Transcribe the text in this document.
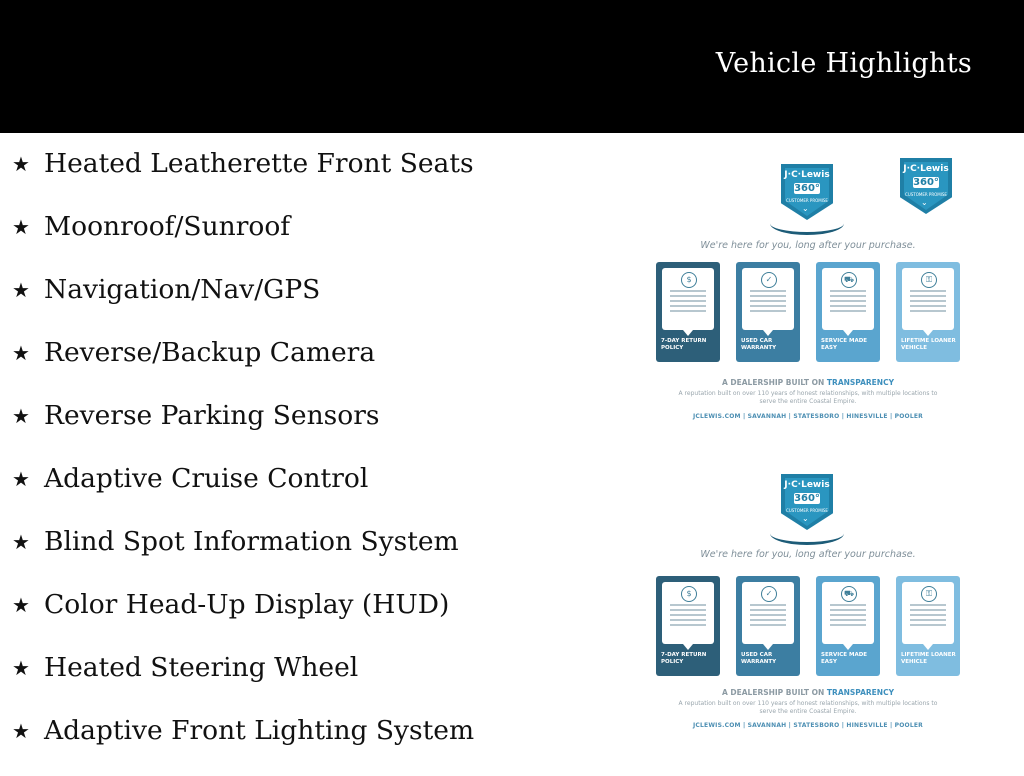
Vehicle Highlights
★ Heated Leatherette Front Seats
★ Moonroof/Sunroof
★ Navigation/Nav/GPS
★ Reverse/Backup Camera
★ Reverse Parking Sensors
★ Adaptive Cruise Control
★ Blind Spot Information System
★ Color Head-Up Display (HUD)
★ Heated Steering Wheel
★ Adaptive Front Lighting System
J·C·Lewis
360°
CUSTOMER PROMISE
⌄
J·C·Lewis
360°
CUSTOMER PROMISE
⌄
We're here for you, long after your purchase.
$
7-DAY RETURN POLICY
✓
USED CAR WARRANTY
⛟
SERVICE MADE EASY
⚿
LIFETIME LOANER VEHICLE
A DEALERSHIP BUILT ON TRANSPARENCY
A reputation built on over 110 years of honest relationships, with multiple locations to serve the entire Coastal Empire.
JCLEWIS.COM | SAVANNAH | STATESBORO | HINESVILLE | POOLER
J·C·Lewis
360°
CUSTOMER PROMISE
⌄
We're here for you, long after your purchase.
$
7-DAY RETURN POLICY
✓
USED CAR WARRANTY
⛟
SERVICE MADE EASY
⚿
LIFETIME LOANER VEHICLE
A DEALERSHIP BUILT ON TRANSPARENCY
A reputation built on over 110 years of honest relationships, with multiple locations to serve the entire Coastal Empire.
JCLEWIS.COM | SAVANNAH | STATESBORO | HINESVILLE | POOLER
